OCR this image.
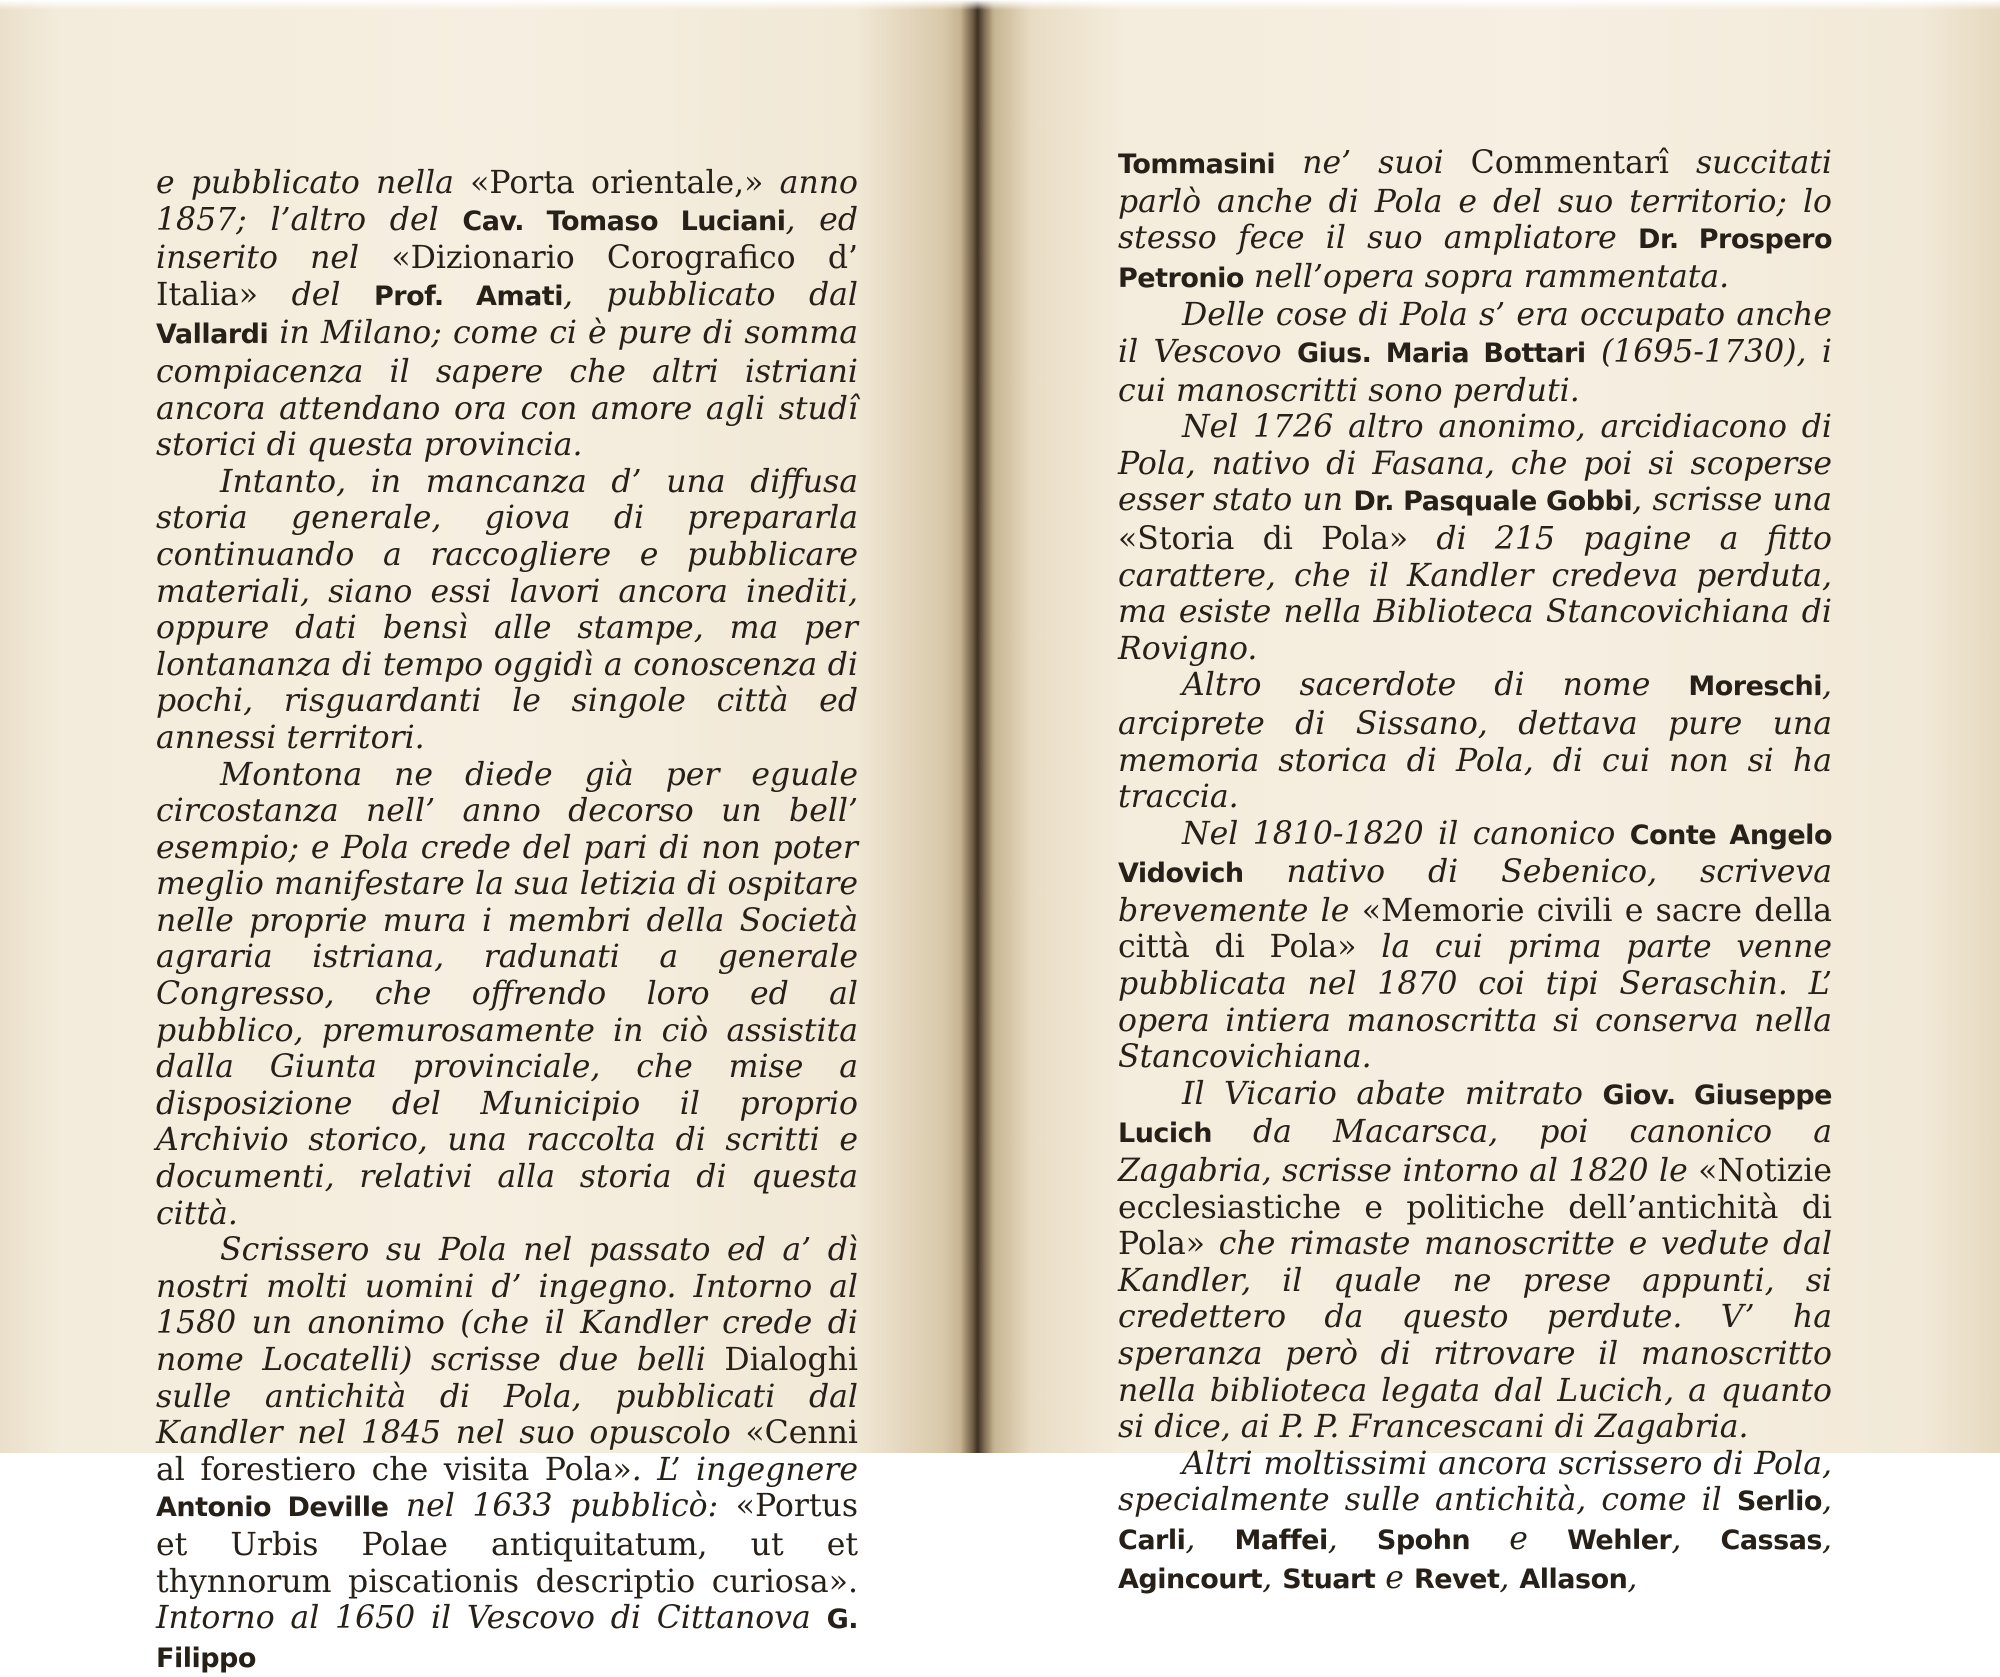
e pubblicato nella «Porta orientale,» anno 1857; l’altro del Cav. Tomaso Luciani, ed inserito nel «Dizionario Corografico d’ Italia» del Prof. Amati, pubblicato dal Vallardi in Milano; come ci è pure di somma compiacenza il sapere che altri istriani ancora attendano ora con amore agli studî storici di questa provincia.

Intanto, in mancanza d’ una diffusa storia generale, giova di prepararla continuando a raccogliere e pubblicare materiali, siano essi lavori ancora inediti, oppure dati bensì alle stampe, ma per lontananza di tempo oggidì a conoscenza di pochi, risguardanti le singole città ed annessi territori.

Montona ne diede già per eguale circostanza nell’ anno decorso un bell’ esempio; e Pola crede del pari di non poter meglio manifestare la sua letizia di ospitare nelle proprie mura i membri della Società agraria istriana, radunati a generale Congresso, che offrendo loro ed al pubblico, premurosamente in ciò assistita dalla Giunta provinciale, che mise a disposizione del Municipio il proprio Archivio storico, una raccolta di scritti e documenti, relativi alla storia di questa città.

Scrissero su Pola nel passato ed a’ dì nostri molti uomini d’ ingegno. Intorno al 1580 un anonimo (che il Kandler crede di nome Locatelli) scrisse due belli Dialoghi sulle antichità di Pola, pubblicati dal Kandler nel 1845 nel suo opuscolo «Cenni al forestiero che visita Pola». L’ ingegnere Antonio Deville nel 1633 pubblicò: «Portus et Urbis Polae antiquitatum, ut et thynnorum piscationis descriptio curiosa». Intorno al 1650 il Vescovo di Cittanova G. Filippo

Tommasini ne’ suoi Commentarî succitati parlò anche di Pola e del suo territorio; lo stesso fece il suo ampliatore Dr. Prospero Petronio nell’opera sopra rammentata.

Delle cose di Pola s’ era occupato anche il Vescovo Gius. Maria Bottari (1695-1730), i cui manoscritti sono perduti.

Nel 1726 altro anonimo, arcidiacono di Pola, nativo di Fasana, che poi si scoperse esser stato un Dr. Pasquale Gobbi, scrisse una «Storia di Pola» di 215 pagine a fitto carattere, che il Kandler credeva perduta, ma esiste nella Biblioteca Stancovichiana di Rovigno.

Altro sacerdote di nome Moreschi, arciprete di Sissano, dettava pure una memoria storica di Pola, di cui non si ha traccia.

Nel 1810-1820 il canonico Conte Angelo Vidovich nativo di Sebenico, scriveva brevemente le «Memorie civili e sacre della città di Pola» la cui prima parte venne pubblicata nel 1870 coi tipi Seraschin. L’ opera intiera manoscritta si conserva nella Stancovichiana.

Il Vicario abate mitrato Giov. Giuseppe Lucich da Macarsca, poi canonico a Zagabria, scrisse intorno al 1820 le «Notizie ecclesiastiche e politiche dell’antichità di Pola» che rimaste manoscritte e vedute dal Kandler, il quale ne prese appunti, si credettero da questo perdute. V’ ha speranza però di ritrovare il manoscritto nella biblioteca legata dal Lucich, a quanto si dice, ai P. P. Francescani di Zagabria.

Altri moltissimi ancora scrissero di Pola, specialmente sulle antichità, come il Serlio, Carli, Maffei, Spohn e Wehler, Cassas, Agincourt, Stuart e Revet, Allason,
